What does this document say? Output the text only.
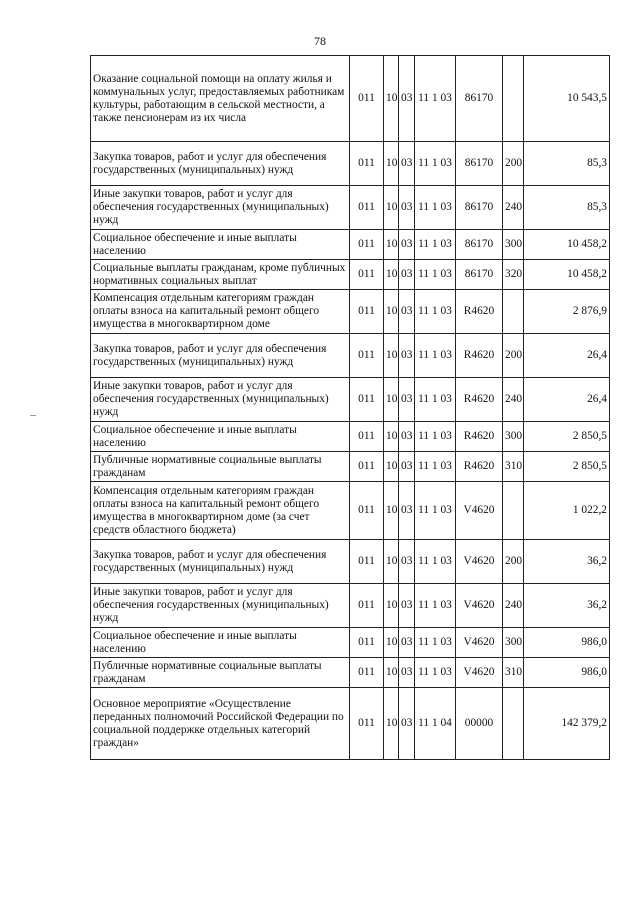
78
Оказание социальной помощи на оплату жилья и коммунальных услуг, предоставляемых работникам культуры, работающим в сельской местности, а также пенсионерам из их числа	011	10	03	11 1 03	86170		10 543,5
Закупка товаров, работ и услуг для обеспечения государственных (муниципальных) нужд	011	10	03	11 1 03	86170	200	85,3
Иные закупки товаров, работ и услуг для обеспечения государственных (муниципальных) нужд	011	10	03	11 1 03	86170	240	85,3
Социальное обеспечение и иные выплаты населению	011	10	03	11 1 03	86170	300	10 458,2
Социальные выплаты гражданам, кроме публичных нормативных социальных выплат	011	10	03	11 1 03	86170	320	10 458,2
Компенсация отдельным категориям граждан оплаты взноса на капитальный ремонт общего имущества в многоквартирном доме	011	10	03	11 1 03	R4620		2 876,9
Закупка товаров, работ и услуг для обеспечения государственных (муниципальных) нужд	011	10	03	11 1 03	R4620	200	26,4
Иные закупки товаров, работ и услуг для обеспечения государственных (муниципальных) нужд	011	10	03	11 1 03	R4620	240	26,4
Социальное обеспечение и иные выплаты населению	011	10	03	11 1 03	R4620	300	2 850,5
Публичные нормативные социальные выплаты гражданам	011	10	03	11 1 03	R4620	310	2 850,5
Компенсация отдельным категориям граждан оплаты взноса на капитальный ремонт общего имущества в многоквартирном доме (за счет средств областного бюджета)	011	10	03	11 1 03	V4620		1 022,2
Закупка товаров, работ и услуг для обеспечения государственных (муниципальных) нужд	011	10	03	11 1 03	V4620	200	36,2
Иные закупки товаров, работ и услуг для обеспечения государственных (муниципальных) нужд	011	10	03	11 1 03	V4620	240	36,2
Социальное обеспечение и иные выплаты населению	011	10	03	11 1 03	V4620	300	986,0
Публичные нормативные социальные выплаты гражданам	011	10	03	11 1 03	V4620	310	986,0
Основное мероприятие «Осуществление переданных полномочий Российской Федерации по социальной поддержке отдельных категорий граждан»	011	10	03	11 1 04	00000		142 379,2
